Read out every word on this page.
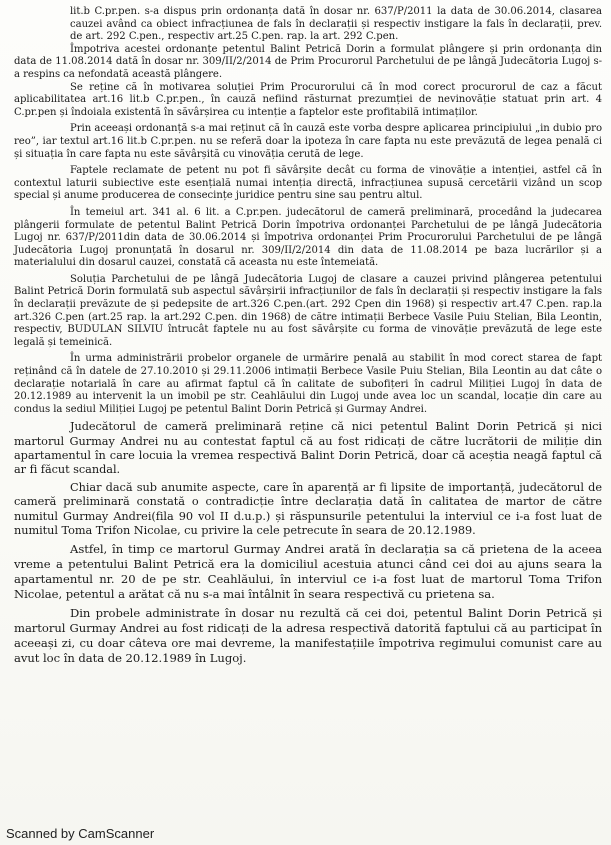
lit.b C.pr.pen. s-a dispus prin ordonanța dată în dosar nr. 637/P/2011 la data de 30.06.2014, clasarea cauzei având ca obiect infracțiunea de fals în declarații și respectiv instigare la fals în declarații, prev. de art. 292 C.pen., respectiv art.25 C.pen. rap. la art. 292 C.pen.

Împotriva acestei ordonanțe petentul Balint Petrică Dorin a formulat plângere și prin ordonanța din data de 11.08.2014 dată în dosar nr. 309/II/2/2014 de Prim Procurorul Parchetului de pe lângă Judecătoria Lugoj s-a respins ca nefondată această plângere.

Se reține că în motivarea soluției Prim Procurorului că în mod corect procurorul de caz a făcut aplicabilitatea art.16 lit.b C.pr.pen., în cauză nefiind răsturnat prezumției de nevinovăție statuat prin art. 4 C.pr.pen și îndoiala existentă în săvârșirea cu intenție a faptelor este profitabilă intimaților.

Prin aceeași ordonanță s-a mai reținut că în cauză este vorba despre aplicarea principiului „in dubio pro reo”, iar textul art.16 lit.b C.pr.pen. nu se referă doar la ipoteza în care fapta nu este prevăzută de legea penală ci și situația în care fapta nu este săvârșită cu vinovăția cerută de lege.

Faptele reclamate de petent nu pot fi săvârșite decât cu forma de vinovăție a intenției, astfel că în contextul laturii subiective este esențială numai intenția directă, infracțiunea supusă cercetării vizând un scop special și anume producerea de consecințe juridice pentru sine sau pentru altul.

În temeiul art. 341 al. 6 lit. a C.pr.pen. judecătorul de cameră preliminară, procedând la judecarea plângerii formulate de petentul Balint Petrică Dorin împotriva ordonanței Parchetului de pe lângă Judecătoria Lugoj nr. 637/P/2011din data de 30.06.2014 și împotriva ordonanței Prim Procurorului Parchetului de pe lângă Judecătoria Lugoj pronunțată în dosarul nr. 309/II/2/2014 din data de 11.08.2014 pe baza lucrărilor și a materialului din dosarul cauzei, constată că aceasta nu este întemeiată.

Soluția Parchetului de pe lângă Judecătoria Lugoj de clasare a cauzei privind plângerea petentului Balint Petrică Dorin formulată sub aspectul săvârșirii infracțiunilor de fals în declarații și respectiv instigare la fals în declarații prevăzute de și pedepsite de art.326 C.pen.(art. 292 Cpen din 1968) și respectiv art.47 C.pen. rap.la art.326 C.pen (art.25 rap. la art.292 C.pen. din 1968) de către intimații Berbece Vasile Puiu Stelian, Bila Leontin, respectiv, BUDULAN SILVIU întrucât faptele nu au fost săvârșite cu forma de vinovăție prevăzută de lege este legală și temeinică.

În urma administrării probelor organele de urmărire penală au stabilit în mod corect starea de fapt reținând că în datele de 27.10.2010 și 29.11.2006 intimații Berbece Vasile Puiu Stelian, Bila Leontin au dat câte o declarație notarială în care au afirmat faptul că în calitate de subofițeri în cadrul Miliției Lugoj în data de 20.12.1989 au intervenit la un imobil pe str. Ceahlăului din Lugoj unde avea loc un scandal, locație din care au condus la sediul Miliției Lugoj pe petentul Balint Dorin Petrică și Gurmay Andrei.

Judecătorul de cameră preliminară reține că nici petentul Balint Dorin Petrică și nici martorul Gurmay Andrei nu au contestat faptul că au fost ridicați de către lucrătorii de miliție din apartamentul în care locuia la vremea respectivă Balint Dorin Petrică, doar că aceștia neagă faptul că ar fi făcut scandal.

Chiar dacă sub anumite aspecte, care în aparență ar fi lipsite de importanță, judecătorul de cameră preliminară constată o contradicție între declarația dată în calitatea de martor de către numitul Gurmay Andrei(fila 90 vol II d.u.p.) și răspunsurile petentului la interviul ce i-a fost luat de numitul Toma Trifon Nicolae, cu privire la cele petrecute în seara de 20.12.1989.

Astfel, în timp ce martorul Gurmay Andrei arată în declarația sa că prietena de la aceea vreme a petentului Balint Petrică era la domiciliul acestuia atunci când cei doi au ajuns seara la apartamentul nr. 20 de pe str. Ceahlăului, în interviul ce i-a fost luat de martorul Toma Trifon Nicolae, petentul a arătat că nu s-a mai întâlnit în seara respectivă cu prietena sa.

Din probele administrate în dosar nu rezultă că cei doi, petentul Balint Dorin Petrică și martorul Gurmay Andrei au fost ridicați de la adresa respectivă datorită faptului că au participat în aceeași zi, cu doar câteva ore mai devreme, la manifestațiile împotriva regimului comunist care au avut loc în data de 20.12.1989 în Lugoj.

Scanned by CamScanner
